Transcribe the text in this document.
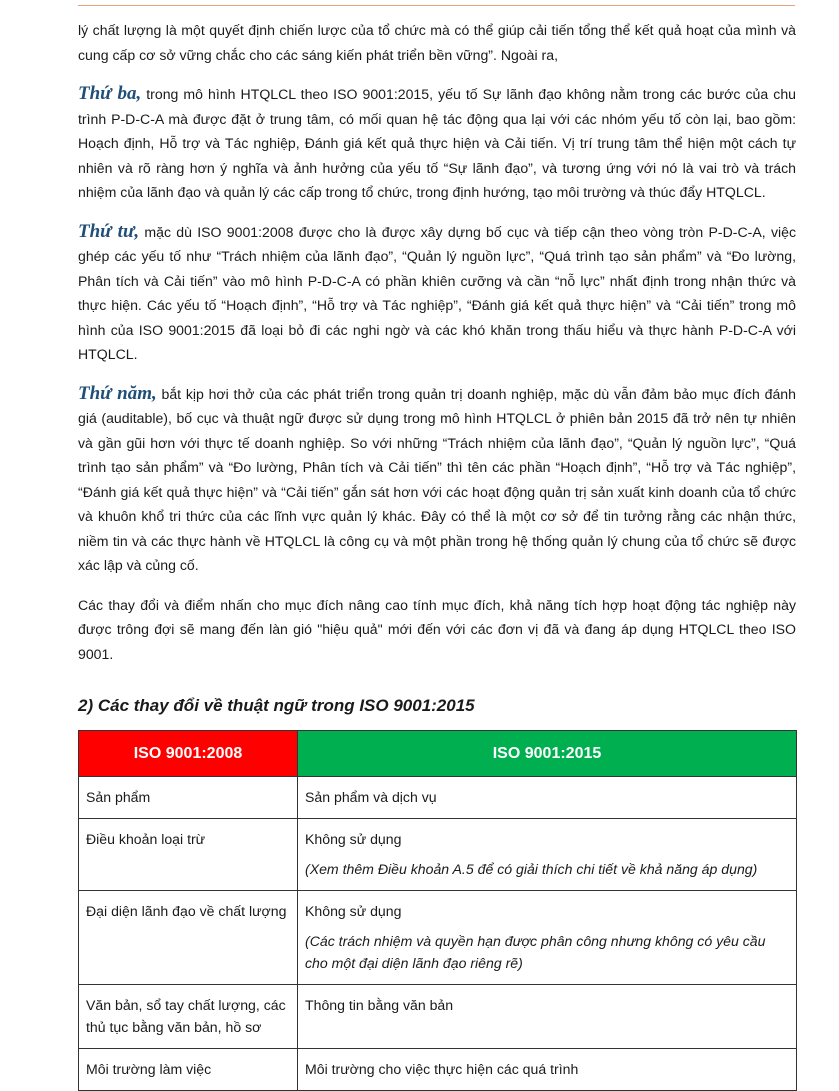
lý chất lượng là một quyết định chiến lược của tổ chức mà có thể giúp cải tiến tổng thể kết quả hoạt của mình và cung cấp cơ sở vững chắc cho các sáng kiến phát triển bền vững”. Ngoài ra,

Thứ ba, trong mô hình HTQLCL theo ISO 9001:2015, yếu tố Sự lãnh đạo không nằm trong các bước của chu trình P-D-C-A mà được đặt ở trung tâm, có mối quan hệ tác động qua lại với các nhóm yếu tố còn lại, bao gồm: Hoạch định, Hỗ trợ và Tác nghiệp, Đánh giá kết quả thực hiện và Cải tiến. Vị trí trung tâm thể hiện một cách tự nhiên và rõ ràng hơn ý nghĩa và ảnh hưởng của yếu tố “Sự lãnh đạo”, và tương ứng với nó là vai trò và trách nhiệm của lãnh đạo và quản lý các cấp trong tổ chức, trong định hướng, tạo môi trường và thúc đẩy HTQLCL.

Thứ tư, mặc dù ISO 9001:2008 được cho là được xây dựng bố cục và tiếp cận theo vòng tròn P-D-C-A, việc ghép các yếu tố như “Trách nhiệm của lãnh đạo”, “Quản lý nguồn lực”, “Quá trình tạo sản phẩm” và “Đo lường, Phân tích và Cải tiến” vào mô hình P-D-C-A có phần khiên cưỡng và cần “nỗ lực” nhất định trong nhận thức và thực hiện. Các yếu tố “Hoạch định”, “Hỗ trợ và Tác nghiệp”, “Đánh giá kết quả thực hiện” và “Cải tiến” trong mô hình của ISO 9001:2015 đã loại bỏ đi các nghi ngờ và các khó khăn trong thấu hiểu và thực hành P-D-C-A với HTQLCL.

Thứ năm, bắt kịp hơi thở của các phát triển trong quản trị doanh nghiệp, mặc dù vẫn đảm bảo mục đích đánh giá (auditable), bố cục và thuật ngữ được sử dụng trong mô hình HTQLCL ở phiên bản 2015 đã trở nên tự nhiên và gần gũi hơn với thực tế doanh nghiệp. So với những “Trách nhiệm của lãnh đạo”, “Quản lý nguồn lực”, “Quá trình tạo sản phẩm” và “Đo lường, Phân tích và Cải tiến” thì tên các phần “Hoạch định”, “Hỗ trợ và Tác nghiệp”, “Đánh giá kết quả thực hiện” và “Cải tiến” gắn sát hơn với các hoạt động quản trị sản xuất kinh doanh của tổ chức và khuôn khổ tri thức của các lĩnh vực quản lý khác. Đây có thể là một cơ sở để tin tưởng rằng các nhận thức, niềm tin và các thực hành về HTQLCL là công cụ và một phần trong hệ thống quản lý chung của tổ chức sẽ được xác lập và củng cố.

Các thay đổi và điểm nhấn cho mục đích nâng cao tính mục đích, khả năng tích hợp hoạt động tác nghiệp này được trông đợi sẽ mang đến làn gió "hiệu quả" mới đến với các đơn vị đã và đang áp dụng HTQLCL theo ISO 9001.

2) Các thay đổi về thuật ngữ trong ISO 9001:2015
ISO 9001:2008	ISO 9001:2015
Sản phẩm	Sản phẩm và dịch vụ
Điều khoản loại trừ	Không sử dụng
(Xem thêm Điều khoản A.5 để có giải thích chi tiết về khả năng áp dụng)

Đại diện lãnh đạo về chất lượng	Không sử dụng
(Các trách nhiệm và quyền hạn được phân công nhưng không có yêu cầu cho một đại diện lãnh đạo riêng rẽ)

Văn bản, sổ tay chất lượng, các thủ tục bằng văn bản, hồ sơ	Thông tin bằng văn bản
Môi trường làm việc	Môi trường cho việc thực hiện các quá trình
